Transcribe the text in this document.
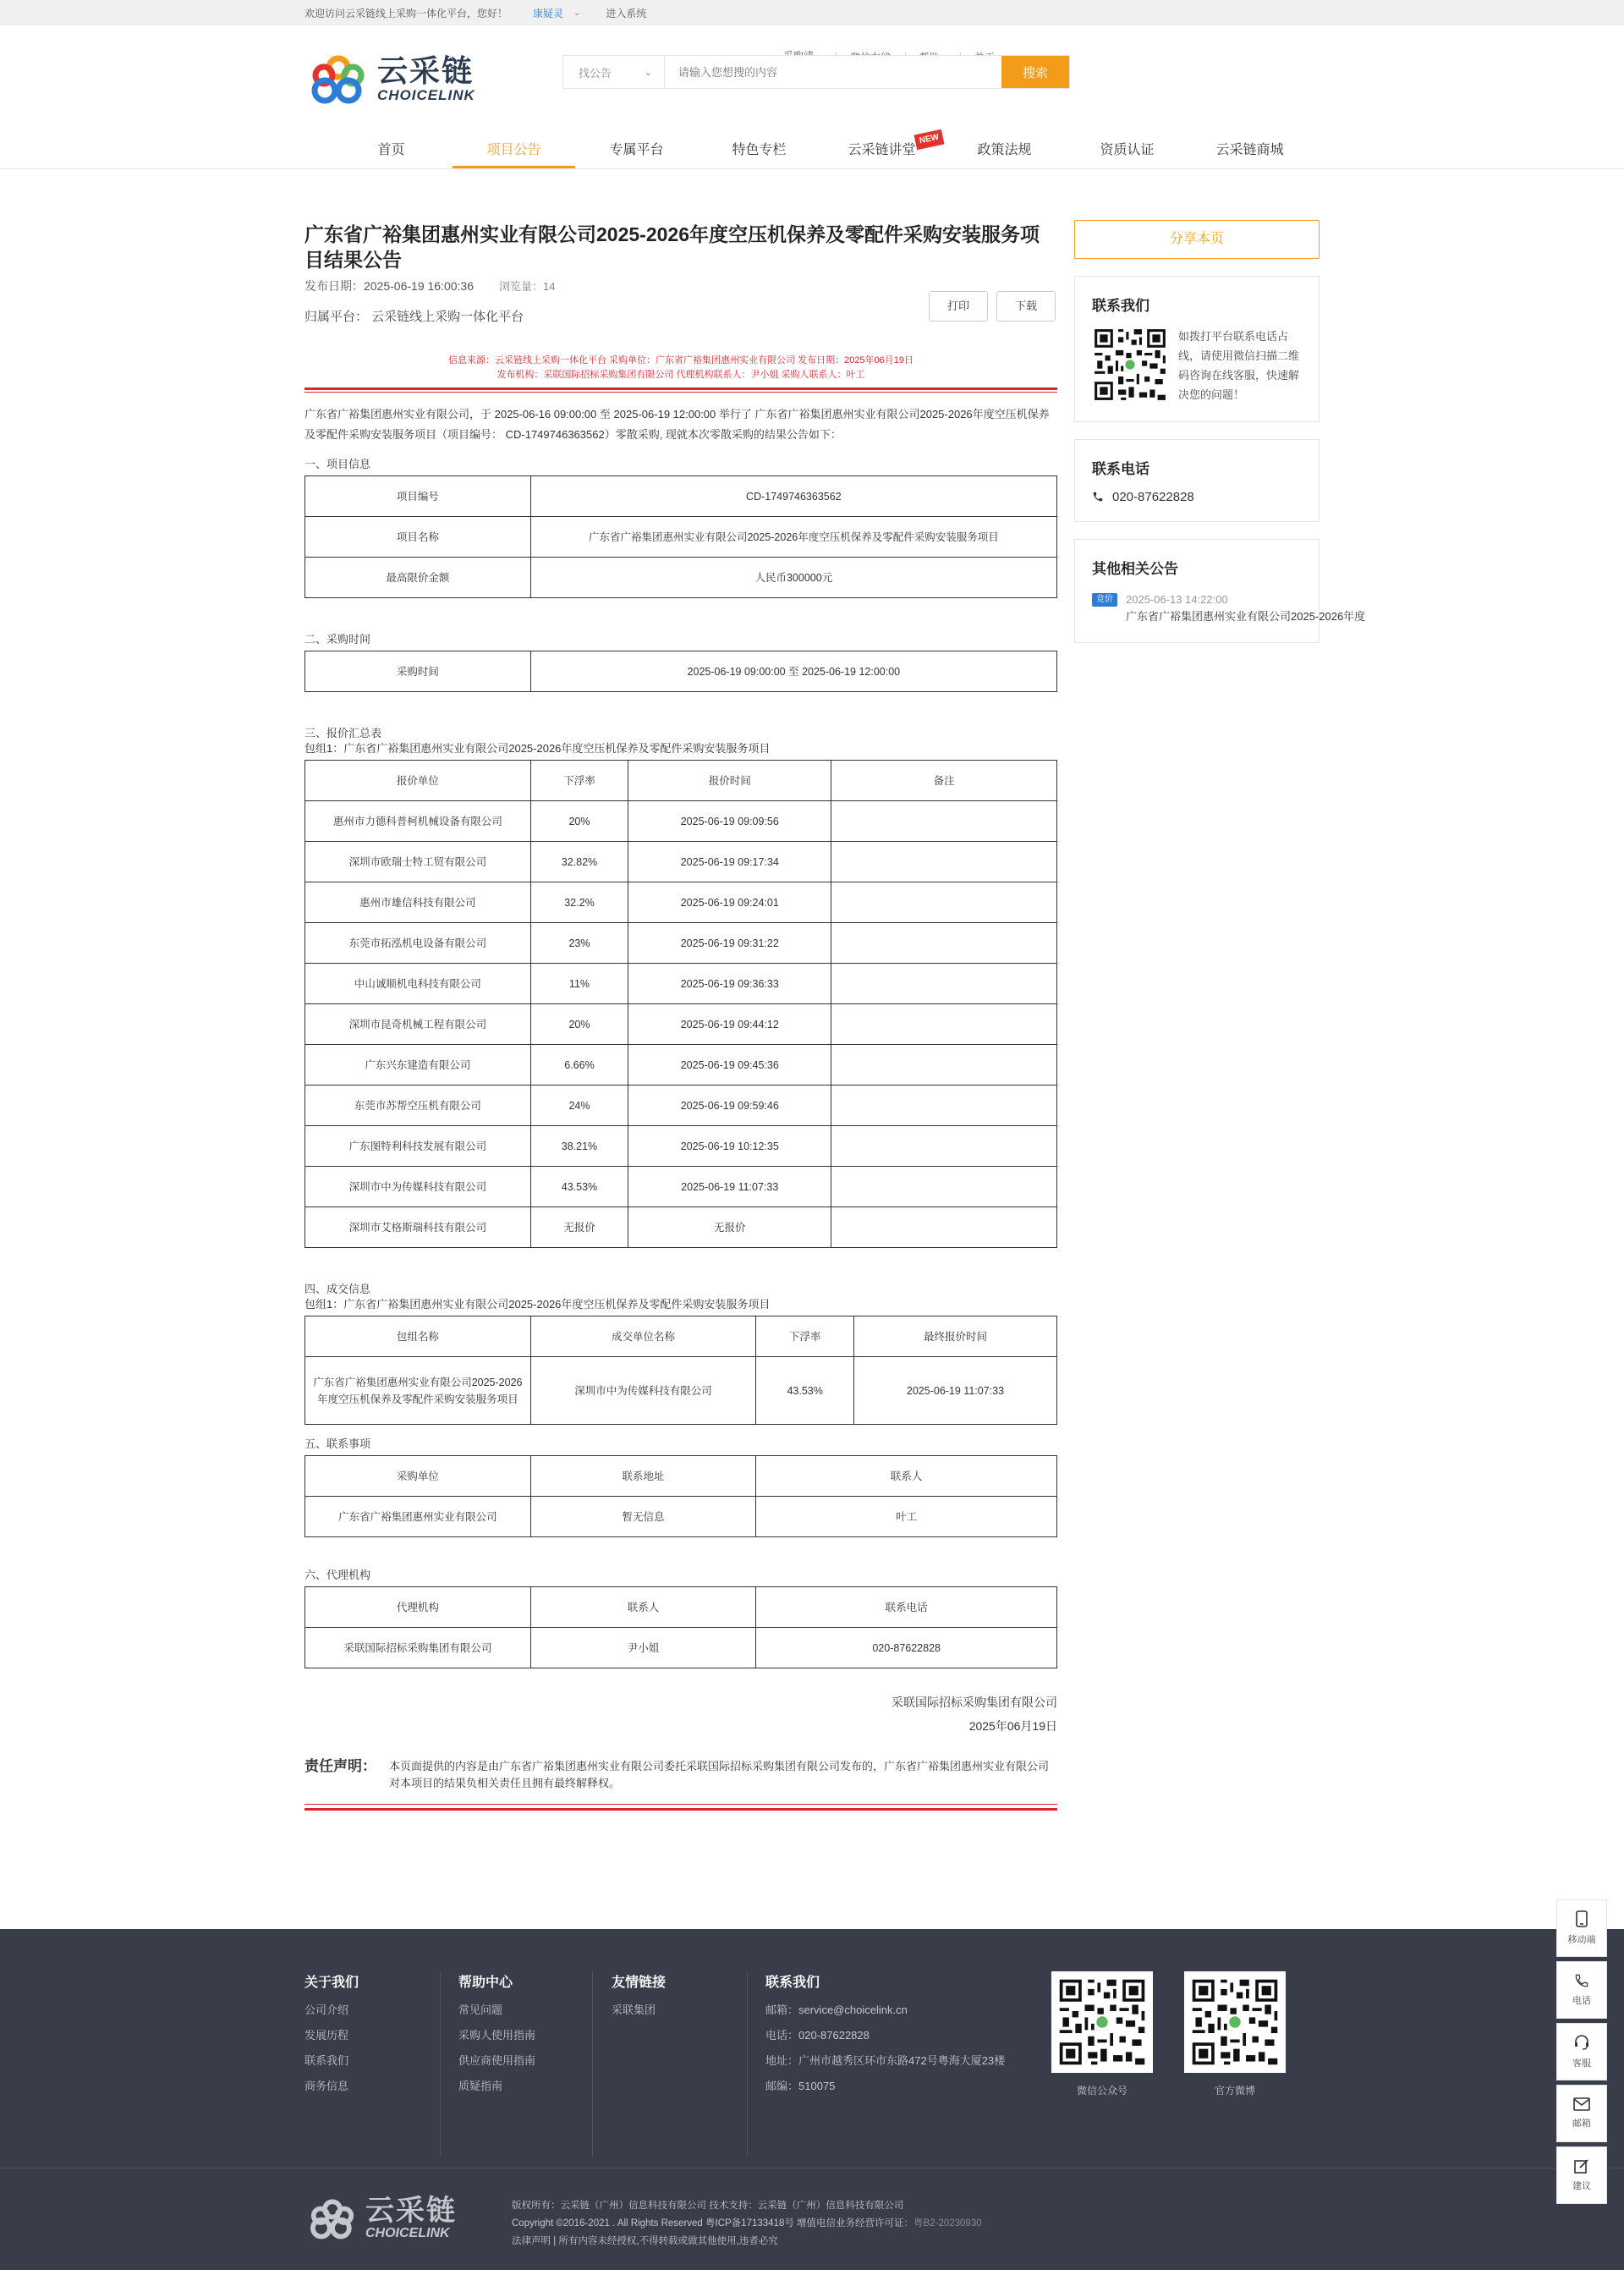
欢迎访问云采链线上采购一体化平台，您好！	康疑灵 ⌄	进入系统
云采链
CHOICELINK
找公告	⌄
请输入您想搜的内容	搜索
首页	项目公告	专属平台	特色专栏	云采链讲堂
NEW
政策法规	资质认证	云采链商城
广东省广裕集团惠州实业有限公司2025-2026年度空压机保养及零配件采购安装服务项目结果公告
发布日期：2025-06-19 16:00:36 浏览量：14
归属平台： 云采链线上采购一体化平台
打印	下载
信息来源：云采链线上采购一体化平台 采购单位：广东省广裕集团惠州实业有限公司 发布日期：2025年06月19日
发布机构：采联国际招标采购集团有限公司 代理机构联系人：尹小姐 采购人联系人：叶工

广东省广裕集团惠州实业有限公司，于 2025-06-16 09:00:00 至 2025-06-19 12:00:00 举行了 广东省广裕集团惠州实业有限公司2025-2026年度空压机保养及零配件采购安装服务项目（项目编号： CD-1749746363562）零散采购, 现就本次零散采购的结果公告如下：

一、项目信息
项目编号	CD-1749746363562
项目名称	广东省广裕集团惠州实业有限公司2025-2026年度空压机保养及零配件采购安装服务项目
最高限价金额	人民币300000元
二、采购时间
采购时间	2025-06-19 09:00:00 至 2025-06-19 12:00:00
三、报价汇总表
包组1：广东省广裕集团惠州实业有限公司2025-2026年度空压机保养及零配件采购安装服务项目
报价单位	下浮率	报价时间	备注
惠州市力德科普柯机械设备有限公司	20%	2025-06-19 09:09:56	
深圳市欧瑞士特工贸有限公司	32.82%	2025-06-19 09:17:34	
惠州市雄信科技有限公司	32.2%	2025-06-19 09:24:01	
东莞市拓泓机电设备有限公司	23%	2025-06-19 09:31:22	
中山诚顺机电科技有限公司	11%	2025-06-19 09:36:33	
深圳市昆奇机械工程有限公司	20%	2025-06-19 09:44:12	
广东兴东建造有限公司	6.66%	2025-06-19 09:45:36	
东莞市苏帮空压机有限公司	24%	2025-06-19 09:59:46	
广东图特利科技发展有限公司	38.21%	2025-06-19 10:12:35	
深圳市中为传媒科技有限公司	43.53%	2025-06-19 11:07:33	
深圳市艾格斯瑞科技有限公司	无报价	无报价	
四、成交信息
包组1：广东省广裕集团惠州实业有限公司2025-2026年度空压机保养及零配件采购安装服务项目
包组名称	成交单位名称	下浮率	最终报价时间
广东省广裕集团惠州实业有限公司2025-2026年度空压机保养及零配件采购安装服务项目	深圳市中为传媒科技有限公司	43.53%	2025-06-19 11:07:33
五、联系事项
采购单位	联系地址	联系人
广东省广裕集团惠州实业有限公司	暂无信息	叶工
六、代理机构
代理机构	联系人	联系电话
采联国际招标采购集团有限公司	尹小姐	020-87622828
采联国际招标采购集团有限公司
2025年06月19日
责任声明：	本页面提供的内容是由广东省广裕集团惠州实业有限公司委托采联国际招标采购集团有限公司发布的，广东省广裕集团惠州实业有限公司对本项目的结果负相关责任且拥有最终解释权。
分享本页
联系我们
如拨打平台联系电话占线，请使用微信扫描二维码咨询在线客服，快速解决您的问题！
联系电话
020-87622828
其他相关公告
竞价	2025-06-13 14:22:00
广东省广裕集团惠州实业有限公司2025-2026年度
关于我们
公司介绍
发展历程
联系我们
商务信息
帮助中心
常见问题
采购人使用指南
供应商使用指南
质疑指南
友情链接
采联集团
联系我们
邮箱：service@choicelink.cn
电话：020-87622828
地址：广州市越秀区环市东路472号粤海大厦23楼
邮编：510075	微信公众号	官方微博
云采链
CHOICELINK
版权所有：云采链（广州）信息科技有限公司 技术支持：云采链（广州）信息科技有限公司
Copyright ©2016-2021 . All Rights Reserved 粤ICP备17133418号 增值电信业务经营许可证：粤B2-20230930
法律声明 | 所有内容未经授权,不得转载或做其他使用,违者必究
移动端
电话
客服
邮箱
建议
